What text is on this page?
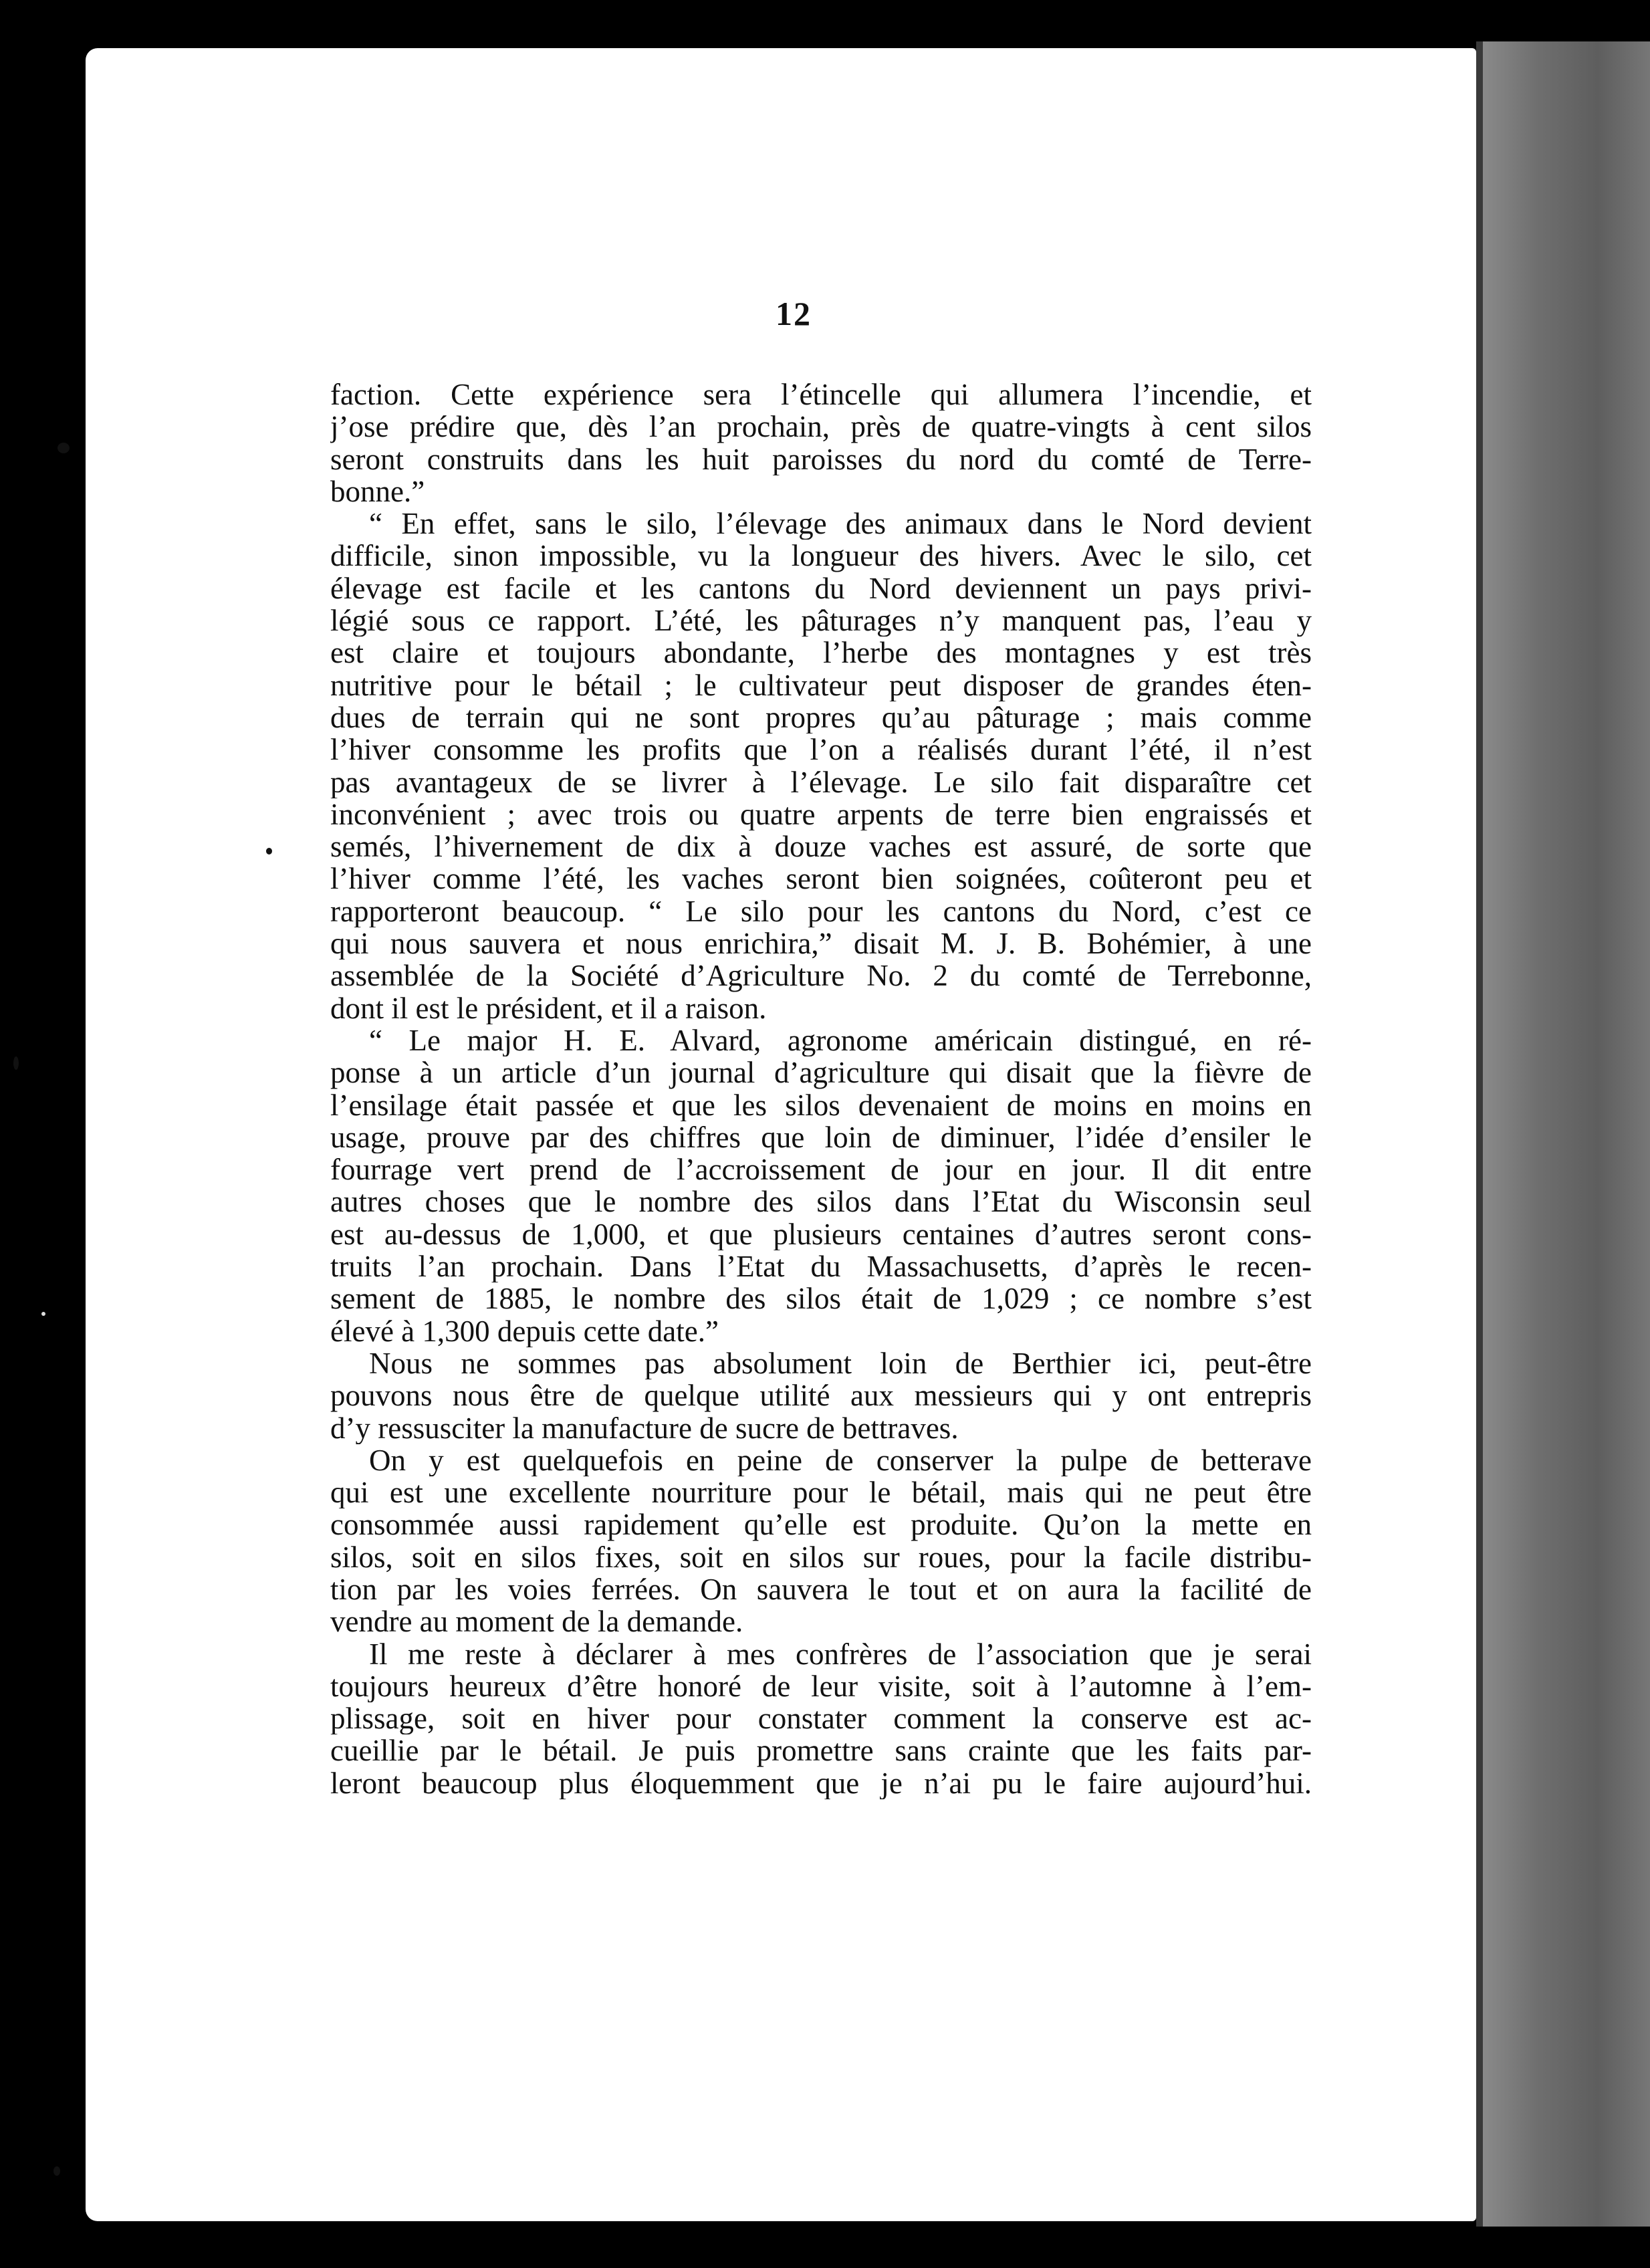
12
faction. Cette expérience sera l’étincelle qui allumera l’incendie, et
j’ose prédire que, dès l’an prochain, près de quatre-vingts à cent silos
seront construits dans les huit paroisses du nord du comté de Terre-
bonne.”
“ En effet, sans le silo, l’élevage des animaux dans le Nord devient
difficile, sinon impossible, vu la longueur des hivers. Avec le silo, cet
élevage est facile et les cantons du Nord deviennent un pays privi-
légié sous ce rapport. L’été, les pâturages n’y manquent pas, l’eau y
est claire et toujours abondante, l’herbe des montagnes y est très
nutritive pour le bétail ; le cultivateur peut disposer de grandes éten-
dues de terrain qui ne sont propres qu’au pâturage ; mais comme
l’hiver consomme les profits que l’on a réalisés durant l’été, il n’est
pas avantageux de se livrer à l’élevage. Le silo fait disparaître cet
inconvénient ; avec trois ou quatre arpents de terre bien engraissés et
semés, l’hivernement de dix à douze vaches est assuré, de sorte que
l’hiver comme l’été, les vaches seront bien soignées, coûteront peu et
rapporteront beaucoup. “ Le silo pour les cantons du Nord, c’est ce
qui nous sauvera et nous enrichira,” disait M. J. B. Bohémier, à une
assemblée de la Société d’Agriculture No. 2 du comté de Terrebonne,
dont il est le président, et il a raison.
“ Le major H. E. Alvard, agronome américain distingué, en ré-
ponse à un article d’un journal d’agriculture qui disait que la fièvre de
l’ensilage était passée et que les silos devenaient de moins en moins en
usage, prouve par des chiffres que loin de diminuer, l’idée d’ensiler le
fourrage vert prend de l’accroissement de jour en jour. Il dit entre
autres choses que le nombre des silos dans l’Etat du Wisconsin seul
est au-dessus de 1,000, et que plusieurs centaines d’autres seront cons-
truits l’an prochain. Dans l’Etat du Massachusetts, d’après le recen-
sement de 1885, le nombre des silos était de 1,029 ; ce nombre s’est
élevé à 1,300 depuis cette date.”
Nous ne sommes pas absolument loin de Berthier ici, peut-être
pouvons nous être de quelque utilité aux messieurs qui y ont entrepris
d’y ressusciter la manufacture de sucre de bettraves.
On y est quelquefois en peine de conserver la pulpe de betterave
qui est une excellente nourriture pour le bétail, mais qui ne peut être
consommée aussi rapidement qu’elle est produite. Qu’on la mette en
silos, soit en silos fixes, soit en silos sur roues, pour la facile distribu-
tion par les voies ferrées. On sauvera le tout et on aura la facilité de
vendre au moment de la demande.
Il me reste à déclarer à mes confrères de l’association que je serai
toujours heureux d’être honoré de leur visite, soit à l’automne à l’em-
plissage, soit en hiver pour constater comment la conserve est ac-
cueillie par le bétail. Je puis promettre sans crainte que les faits par-
leront beaucoup plus éloquemment que je n’ai pu le faire aujourd’hui.
